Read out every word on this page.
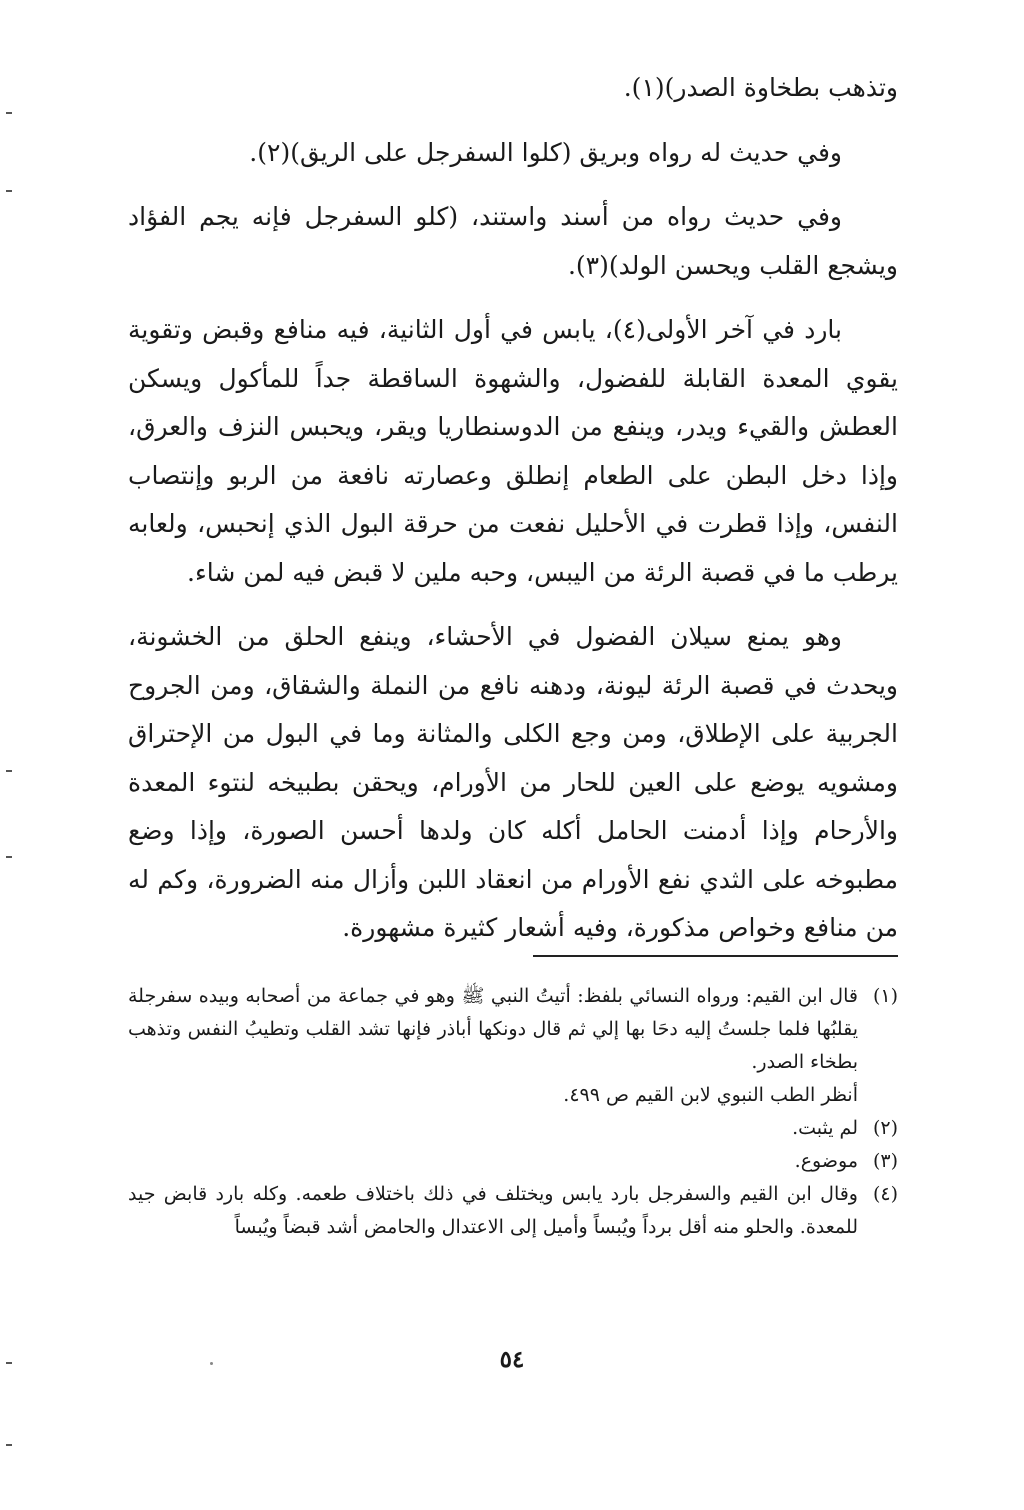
وتذهب بطخاوة الصدر)(١).

وفي حديث له رواه وبريق (كلوا السفرجل على الريق)(٢).

وفي حديث رواه من أسند واستند، (كلو السفرجل فإنه يجم الفؤاد ويشجع القلب ويحسن الولد)(٣).

بارد في آخر الأولى(٤)، يابس في أول الثانية، فيه منافع وقبض وتقوية يقوي المعدة القابلة للفضول، والشهوة الساقطة جداً للمأكول ويسكن العطش والقيء ويدر، وينفع من الدوسنطاريا ويقر، ويحبس النزف والعرق، وإذا دخل البطن على الطعام إنطلق وعصارته نافعة من الربو وإنتصاب النفس، وإذا قطرت في الأحليل نفعت من حرقة البول الذي إنحبس، ولعابه يرطب ما في قصبة الرئة من اليبس، وحبه ملين لا قبض فيه لمن شاء.

وهو يمنع سيلان الفضول في الأحشاء، وينفع الحلق من الخشونة، ويحدث في قصبة الرئة ليونة، ودهنه نافع من النملة والشقاق، ومن الجروح الجربية على الإطلاق، ومن وجع الكلى والمثانة وما في البول من الإحتراق ومشويه يوضع على العين للحار من الأورام، ويحقن بطبيخه لنتوء المعدة والأرحام وإذا أدمنت الحامل أكله كان ولدها أحسن الصورة، وإذا وضع مطبوخه على الثدي نفع الأورام من انعقاد اللبن وأزال منه الضرورة، وكم له من منافع وخواص مذكورة، وفيه أشعار كثيرة مشهورة.

(١)قال ابن القيم: ورواه النسائي بلفظ: أتيتُ النبي ﷺ وهو في جماعة من أصحابه وبيده سفرجلة يقلبُها فلما جلستُ إليه دحَا بها إلي ثم قال دونكها أباذر فإنها تشد القلب وتطيبُ النفس وتذهب بطخاء الصدر.

أنظر الطب النبوي لابن القيم ص ٤٩٩.

(٢)لم يثبت.

(٣)موضوع.

(٤)وقال ابن القيم والسفرجل بارد يابس ويختلف في ذلك باختلاف طعمه. وكله بارد قابض جيد للمعدة. والحلو منه أقل برداً ويُبساً وأميل إلى الاعتدال والحامض أشد قبضاً ويُبساً

٥٤
